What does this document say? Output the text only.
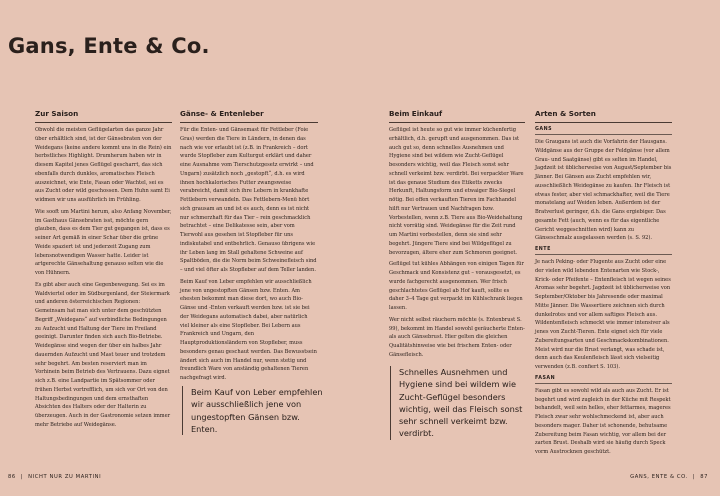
Gans, Ente & Co.
Zur Saison

Obwohl die meisten Geflügelarten das ganze Jahr über erhältlich sind, ist der Gänsebraten von der Weidegans (keine andere kommt uns in die Rein) ein herbstliches Highlight. Drumherum haben wir in diesem Kapitel jenes Geflügel gescharrt, das sich ebenfalls durch dunkles, aromatisches Fleisch auszeichnet, wie Ente, Fasan oder Wachtel, sei es aus Zucht oder wild geschossen. Dem Huhn samt Ei widmen wir uns ausführlich im Frühling.

Wie sooft um Martini herum, also Anfang November, im Gasthaus Gänsebraten isst, möchte gern glauben, dass es dem Tier gut gegangen ist, dass es seiner Art gemäß in einer Schar über die grüne Weide spaziert ist und jederzeit Zugang zum lebensnotwendigen Wasser hatte. Leider ist artgerechte Gänsehaltung genauso selten wie die von Hühnern.

Es gibt aber auch eine Gegenbewegung. Sei es im Waldviertel oder im Südburgenland, der Steiermark und anderen österreichischen Regionen: Gemeinsam hat man sich unter dem geschützten Begriff „Weidegans“ auf verbindliche Bedingungen zu Aufzucht und Haltung der Tiere im Freiland geeinigt. Darunter finden sich auch Bio-Betriebe. Weidegänse sind wegen der über ein halbes Jahr dauernden Aufzucht und Mast teuer und trotzdem sehr begehrt. Am besten reserviert man im Vorhinein beim Betrieb des Vertrauens. Dazu eignet sich z.B. eine Landpartie im Spätsommer oder frühen Herbst vortrefflich, um sich vor Ort von den Haltungsbedingungen und dem ernsthaften Absichten des Halters oder der Halterin zu überzeugen. Auch in der Gastronomie setzen immer mehr Betriebe auf Weidegänse.

Gänse- & Entenleber

Für die Enten- und Gänsemast für Fettleber (Foie Gras) werden die Tiere in Ländern, in denen das nach wie vor erlaubt ist (z.B. in Frankreich – dort wurde Stopfleber zum Kulturgut erklärt und daher eine Ausnahme vom Tierschutzgesetz erwirkt – und Ungarn) zusätzlich noch „gestopft“, d.h. es wird ihnen hochkalorisches Futter zwangsweise verabreicht, damit sich ihre Lebern in krankhafte Fettlebern verwandeln. Das Fettlebern-Menü hört sich grausam an und ist es auch, denn es ist nicht nur schmerzhaft für das Tier – rein geschmacklich betrachtet – eine Delikatesse sein, aber vom Tierwohl aus gesehen ist Stopfleber für uns indiskutabel und entbehrlich. Genauso übrigens wie ihr Leben lang im Stall gehaltene Schweine auf Spaltböden, die die Norm beim Schweinefleisch sind – und viel öfter als Stopfleber auf dem Teller landen.

Beim Kauf von Leber empfehlen wir ausschließlich jene von ungestopften Gänsen bzw. Enten. Am ehesten bekommt man diese dort, wo auch Bio-Gänse und -Enten verkauft werden bzw. ist sie bei der Weidegans automatisch dabei, aber natürlich viel kleiner als eine Stopfleber. Bei Lebern aus Frankreich und Ungarn, den Hauptproduktionsländern von Stopfleber, muss besonders genau geschaut werden. Das Bewusstsein ändert sich auch im Handel nur, wenn stetig und freundlich Ware von anständig gehaltenen Tieren nachgefragt wird.

Beim Kauf von Leber empfehlen wir ausschließlich jene von ungestopften Gänsen bzw. Enten.
Beim Einkauf

Geflügel ist heute so gut wie immer küchenfertig erhältlich, d.h. gerupft und ausgenommen. Das ist auch gut so, denn schnelles Ausnehmen und Hygiene sind bei wildem wie Zucht-Geflügel besonders wichtig, weil das Fleisch sonst sehr schnell verkeimt bzw. verdirbt. Bei verpackter Ware ist das genaue Studium des Etiketts zwecks Herkunft, Haltungsform und etwaiger Bio-Siegel nötig. Bei offen verkauften Tieren im Fachhandel hilft nur Vertrauen und Nachfragen bzw. Vorbestellen, wenn z.B. Tiere aus Bio-Weidehaltung nicht vorrätig sind. Weidegänse für die Zeit rund um Martini vorbestellen, denn sie sind sehr begehrt. Jüngere Tiere sind bei Wildgeflügel zu bevorzugen, ältere eher zum Schmoren geeignet.

Geflügel tut kühles Abhängen von einigen Tagen für Geschmack und Konsistenz gut – vorausgesetzt, es wurde fachgerecht ausgenommen. Wer frisch geschlachtetes Geflügel ab Hof kauft, sollte es daher 3–4 Tage gut verpackt im Kühlschrank liegen lassen.

Wer nicht selbst räuchern möchte (s. Entenbrust S. 99), bekommt im Handel sowohl geräucherte Enten- als auch Gänsebrust. Hier gelten die gleichen Qualitätshinweise wie bei frischem Enten- oder Gänsefleisch.

Schnelles Ausnehmen und Hygiene sind bei wildem wie Zucht-Geflügel besonders wichtig, weil das Fleisch sonst sehr schnell verkeimt bzw. verdirbt.
Arten & Sorten
GANS

Die Graugans ist auch die Vorfahrin der Hausgans. Wildgänse aus der Gruppe der Feldgänse (vor allem Grau- und Saatgänse) gibt es selten im Handel, Jagdzeit ist üblicherweise von August/September bis Jänner. Bei Gänsen aus Zucht empfehlen wir, ausschließlich Weidegänse zu kaufen. Ihr Fleisch ist etwas fester, aber viel schmackhafter, weil die Tiere monatelang auf Weiden leben. Außerdem ist der Bratverlust geringer, d.h. die Gans ergiebiger. Das gesamte Fett (auch, wenn es für das eigentliche Gericht weggeschnitten wird) kann zu Gänseschmalz ausgelassen werden (s. S. 92).

ENTE

Je nach Peking- oder Flugente aus Zucht oder eine der vielen wild lebenden Entenarten wie Stock-, Krick- oder Pfeifente – Entenfleisch ist wegen seines Aromas sehr begehrt. Jagdzeit ist üblicherweise von September/Oktober bis Jahresende oder maximal Mitte Jänner. Die Wassertiere zeichnen sich durch dunkelrotes und vor allem saftiges Fleisch aus. Wildentenfleisch schmeckt wie immer intensiver als jenes von Zucht-Tieren. Ente eignet sich für viele Zubereitungsarten und Geschmackskombinationen. Meist wird nur die Brust verlangt, was schade ist, denn auch das Keulenfleisch lässt sich vielseitig verwenden (z.B. confiert S. 103).

FASAN

Fasan gibt es sowohl wild als auch aus Zucht. Er ist begehrt und wird zugleich in der Küche mit Respekt behandelt, weil sein helles, eher fettarmes, mageres Fleisch zwar sehr wohlschmeckend ist, aber auch besonders mager. Daher ist schonende, behutsame Zubereitung beim Fasan wichtig, vor allem bei der zarten Brust. Deshalb wird sie häufig durch Speck vorm Austrocknen geschützt.

86 | NICHT NUR ZU MARTINI	GANS, ENTE & CO. | 87
